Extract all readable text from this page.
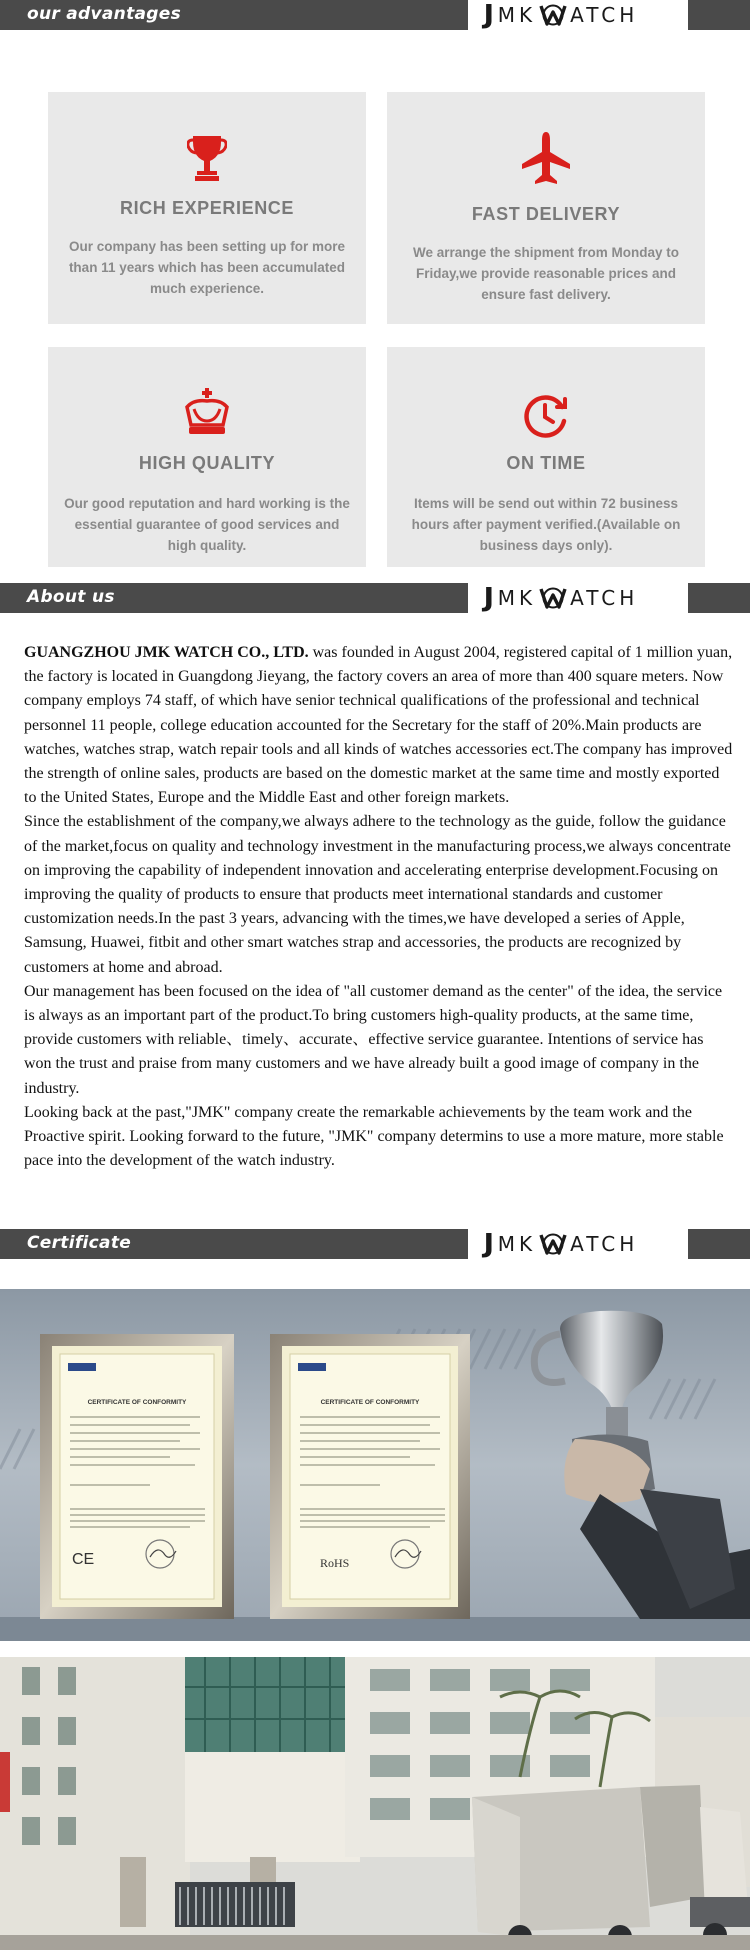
our advantages	J MK ATCH
RICH EXPERIENCE
Our company has been setting up for more than 11 years which has been accumulated much experience.
FAST DELIVERY
We arrange the shipment from Monday to Friday,we provide reasonable prices and ensure fast delivery.
HIGH QUALITY
Our good reputation and hard working is the essential guarantee of good services and high quality.
ON TIME
Items will be send out within 72 business hours after payment verified.(Available on business days only).
About us	J MK ATCH

GUANGZHOU JMK WATCH CO., LTD. was founded in August 2004, registered capital of 1 million yuan, the factory is located in Guangdong Jieyang, the factory covers an area of more than 400 square meters. Now company employs 74 staff, of which have senior technical qualifications of the professional and technical personnel 11 people, college education accounted for the Secretary for the staff of 20%.Main products are watches, watches strap, watch repair tools and all kinds of watches accessories ect.The company has improved the strength of online sales, products are based on the domestic market at the same time and mostly exported to the United States, Europe and the Middle East and other foreign markets.

Since the establishment of the company,we always adhere to the technology as the guide, follow the guidance of the market,focus on quality and technology investment in the manufacturing process,we always concentrate on improving the capability of independent innovation and accelerating enterprise development.Focusing on improving the quality of products to ensure that products meet international standards and customer customization needs.In the past 3 years, advancing with the times,we have developed a series of Apple, Samsung, Huawei, fitbit and other smart watches strap and accessories, the products are recognized by customers at home and abroad.

Our management has been focused on the idea of "all customer demand as the center" of the idea, the service is always as an important part of the product.To bring customers high-quality products, at the same time, provide customers with reliable、timely、accurate、effective service guarantee. Intentions of service has won the trust and praise from many customers and we have already built a good image of company in the industry.

Looking back at the past,"JMK" company create the remarkable achievements by the team work and the Proactive spirit. Looking forward to the future, "JMK" company determins to use a more mature, more stable pace into the development of the watch industry.

Certificate	J MK ATCH
CERTIFICATE OF CONFORMITY
CE
CERTIFICATE OF CONFORMITY
RoHS
